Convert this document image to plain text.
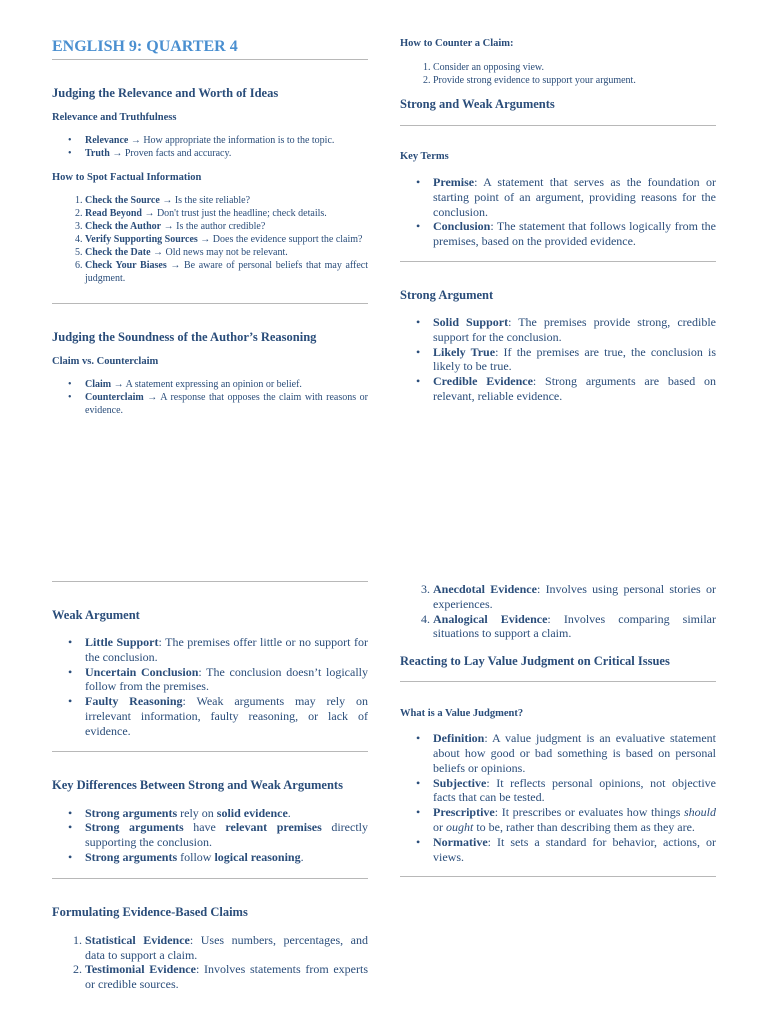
ENGLISH 9: QUARTER 4
Judging the Relevance and Worth of Ideas
Relevance and Truthfulness
• Relevance → How appropriate the information is to the topic.
• Truth → Proven facts and accuracy.
How to Spot Factual Information
1. Check the Source → Is the site reliable?
2. Read Beyond → Don't trust just the headline; check details.
3. Check the Author → Is the author credible?
4. Verify Supporting Sources → Does the evidence support the claim?
5. Check the Date → Old news may not be relevant.
6. Check Your Biases → Be aware of personal beliefs that may affect judgment.
Judging the Soundness of the Author’s Reasoning
Claim vs. Counterclaim
• Claim → A statement expressing an opinion or belief.
• Counterclaim → A response that opposes the claim with reasons or evidence.
How to Counter a Claim:
1. Consider an opposing view.
2. Provide strong evidence to support your argument.
Strong and Weak Arguments
Key Terms
• Premise: A statement that serves as the foundation or starting point of an argument, providing reasons for the conclusion.
• Conclusion: The statement that follows logically from the premises, based on the provided evidence.
Strong Argument
• Solid Support: The premises provide strong, credible support for the conclusion.
• Likely True: If the premises are true, the conclusion is likely to be true.
• Credible Evidence: Strong arguments are based on relevant, reliable evidence.
Weak Argument
• Little Support: The premises offer little or no support for the conclusion.
• Uncertain Conclusion: The conclusion doesn’t logically follow from the premises.
• Faulty Reasoning: Weak arguments may rely on irrelevant information, faulty reasoning, or lack of evidence.
Key Differences Between Strong and Weak Arguments
• Strong arguments rely on solid evidence.
• Strong arguments have relevant premises directly supporting the conclusion.
• Strong arguments follow logical reasoning.
Formulating Evidence-Based Claims
1. Statistical Evidence: Uses numbers, percentages, and data to support a claim.
2. Testimonial Evidence: Involves statements from experts or credible sources.
3. Anecdotal Evidence: Involves using personal stories or experiences.
4. Analogical Evidence: Involves comparing similar situations to support a claim.
Reacting to Lay Value Judgment on Critical Issues
What is a Value Judgment?
• Definition: A value judgment is an evaluative statement about how good or bad something is based on personal beliefs or opinions.
• Subjective: It reflects personal opinions, not objective facts that can be tested.
• Prescriptive: It prescribes or evaluates how things should or ought to be, rather than describing them as they are.
• Normative: It sets a standard for behavior, actions, or views.
